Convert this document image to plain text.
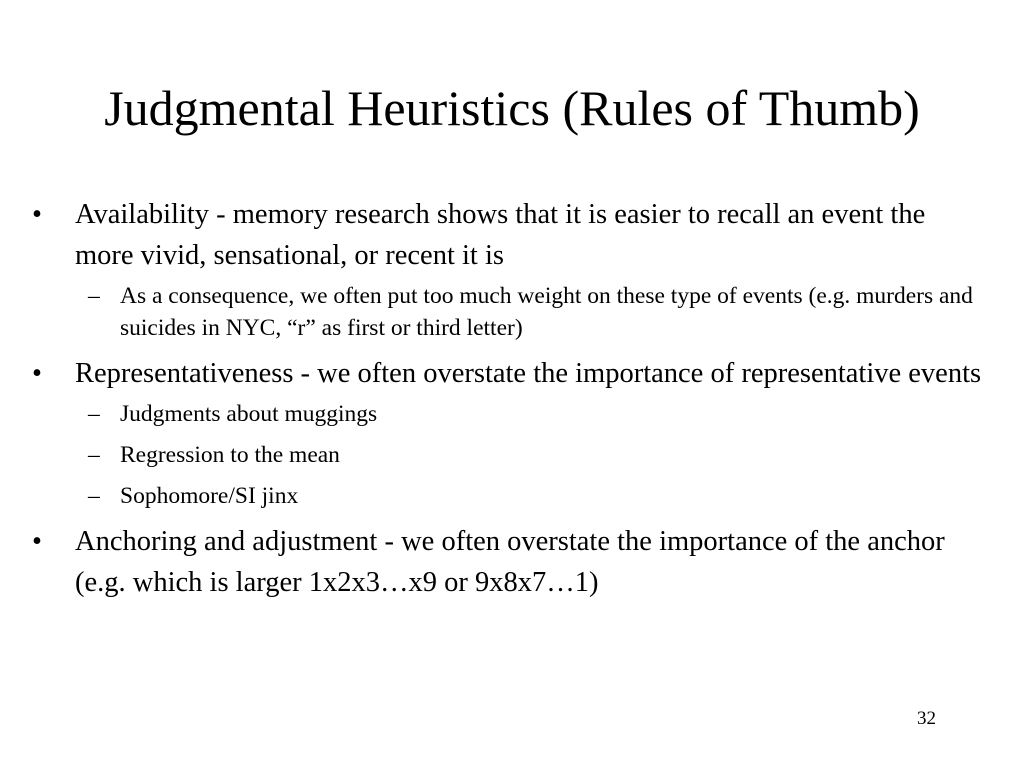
Judgmental Heuristics (Rules of Thumb)
• Availability - memory research shows that it is easier to recall an event the more vivid, sensational, or recent it is
– As a consequence, we often put too much weight on these type of events (e.g. murders and suicides in NYC, “r” as first or third letter)
• Representativeness - we often overstate the importance of representative events
– Judgments about muggings
– Regression to the mean
– Sophomore/SI jinx
• Anchoring and adjustment - we often overstate the importance of the anchor (e.g. which is larger 1x2x3…x9 or 9x8x7…1)
32
